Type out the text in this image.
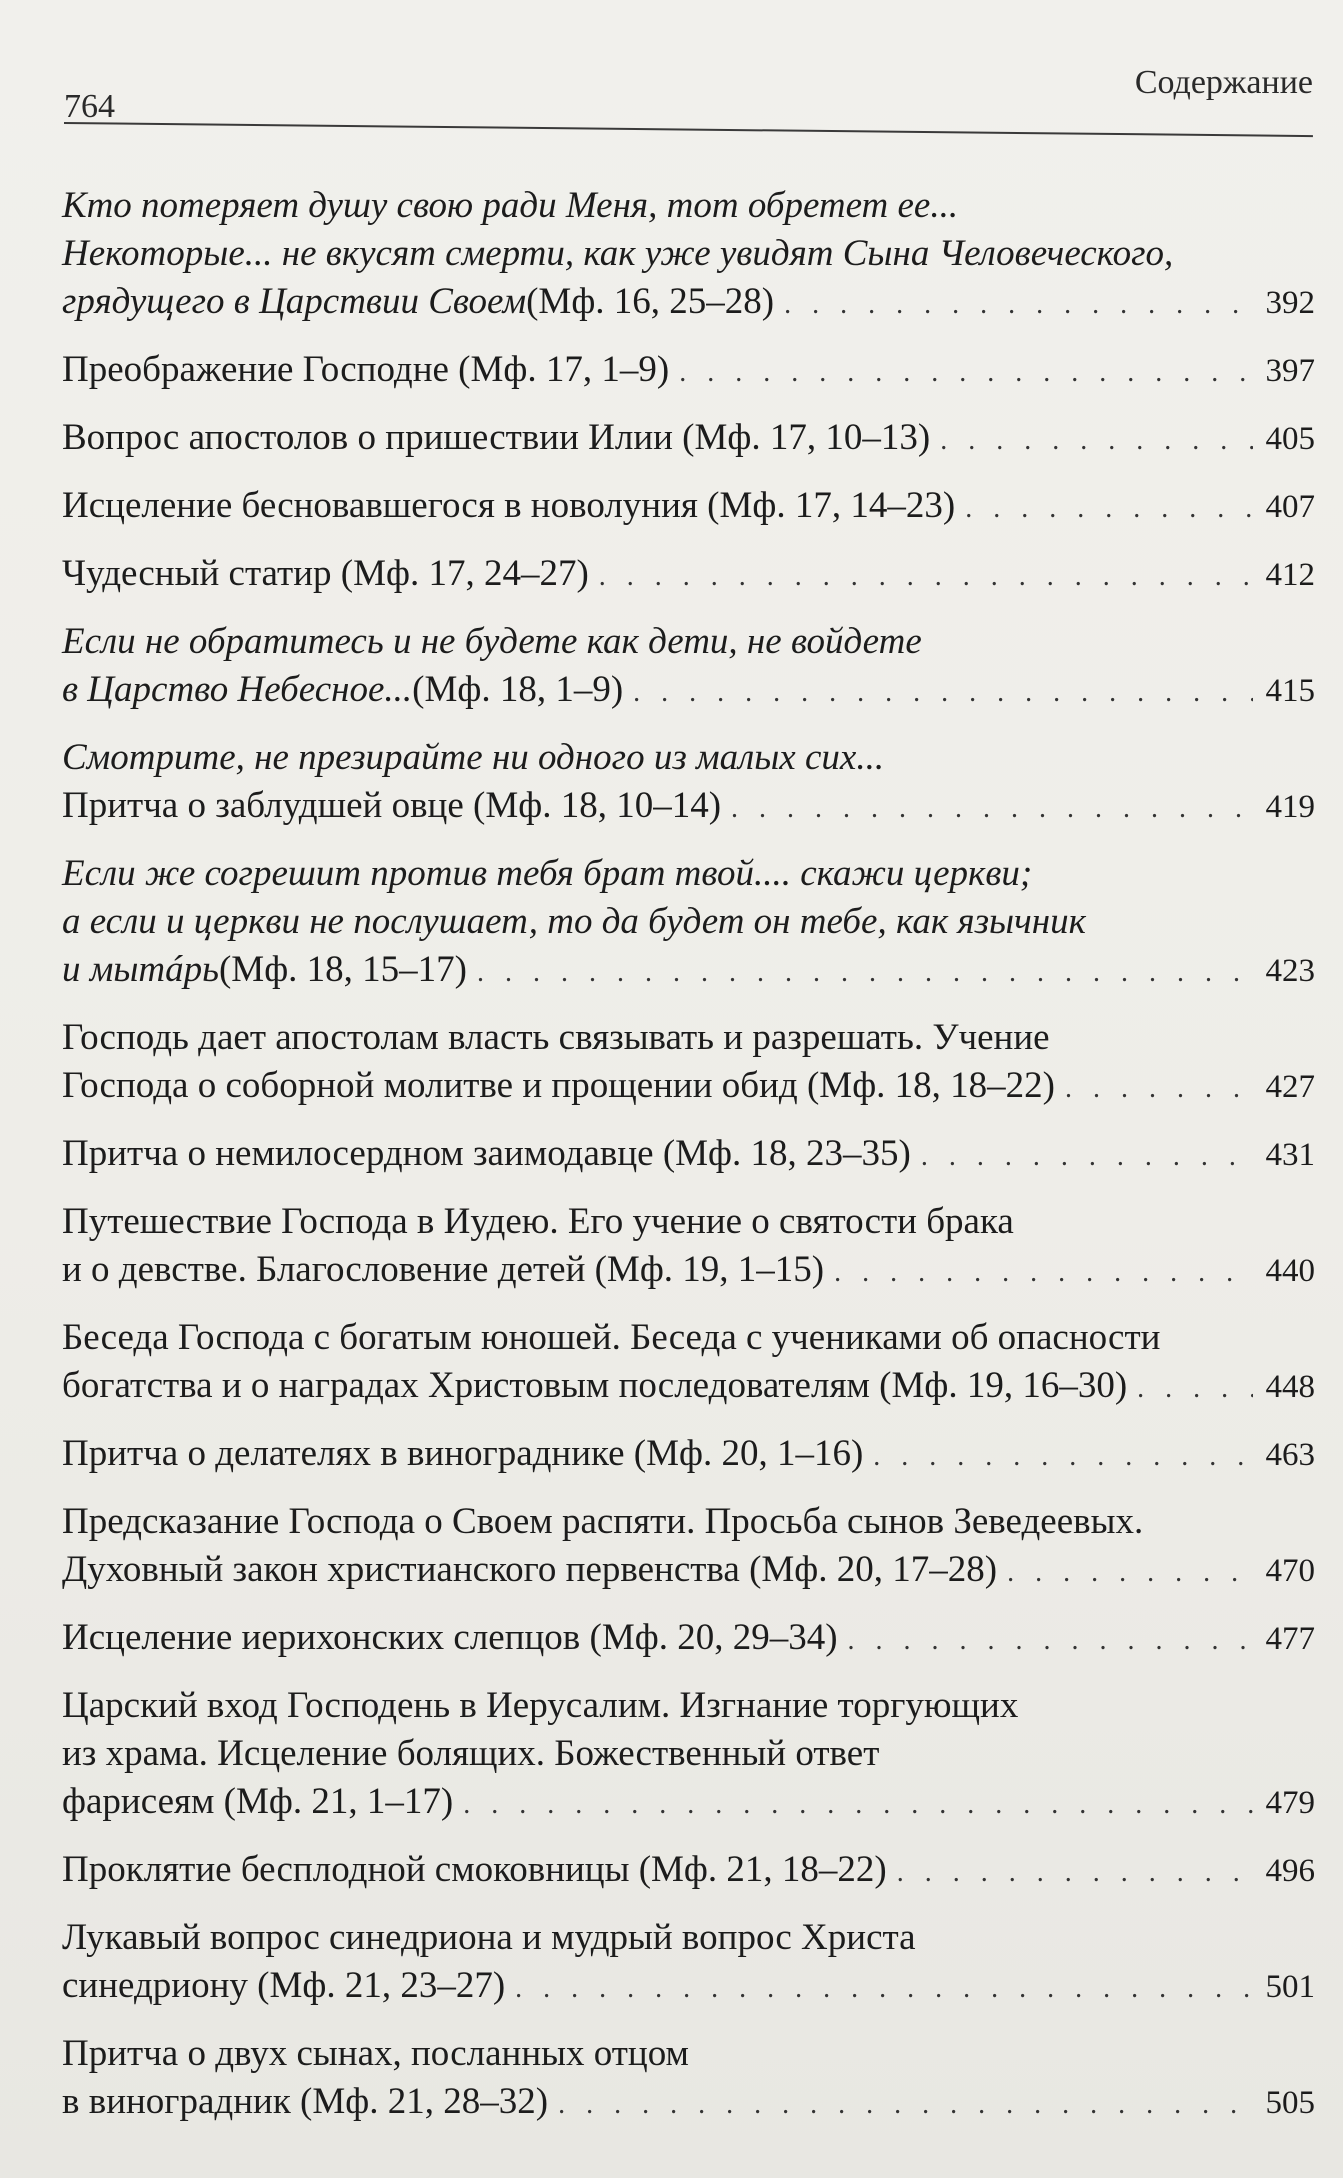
764
Содержание
Кто потеряет душу свою ради Меня, тот обретет ее...
Некоторые... не вкусят смерти, как уже увидят Сына Человеческого,
грядущего в Царствии Своем (Мф. 16, 25–28) . . .	392
Преображение Господне (Мф. 17, 1–9) . . .	397
Вопрос апостолов о пришествии Илии (Мф. 17, 10–13) . . .	405
Исцеление бесновавшегося в новолуния (Мф. 17, 14–23) . . .	407
Чудесный статир (Мф. 17, 24–27) . . .	412
Если не обратитесь и не будете как дети, не войдете
в Царство Небесное... (Мф. 18, 1–9) . . .	415
Смотрите, не презирайте ни одного из малых сих...
Притча о заблудшей овце (Мф. 18, 10–14) . . .	419
Если же согрешит против тебя брат твой.... скажи церкви;
а если и церкви не послушает, то да будет он тебе, как язычник
и мытáрь (Мф. 18, 15–17) . . .	423
Господь дает апостолам власть связывать и разрешать. Учение
Господа о соборной молитве и прощении обид (Мф. 18, 18–22) . . .	427
Притча о немилосердном заимодавце (Мф. 18, 23–35) . . .	431
Путешествие Господа в Иудею. Его учение о святости брака
и о девстве. Благословение детей (Мф. 19, 1–15) . . .	440
Беседа Господа с богатым юношей. Беседа с учениками об опасности
богатства и о наградах Христовым последователям (Мф. 19, 16–30) . . .	448
Притча о делателях в винограднике (Мф. 20, 1–16) . . .	463
Предсказание Господа о Своем распяти. Просьба сынов Зеведеевых.
Духовный закон христианского первенства (Мф. 20, 17–28) . . .	470
Исцеление иерихонских слепцов (Мф. 20, 29–34) . . .	477
Царский вход Господень в Иерусалим. Изгнание торгующих
из храма. Исцеление болящих. Божественный ответ
фарисеям (Мф. 21, 1–17) . . .	479
Проклятие бесплодной смоковницы (Мф. 21, 18–22) . . .	496
Лукавый вопрос синедриона и мудрый вопрос Христа
синедриону (Мф. 21, 23–27) . . .	501
Притча о двух сынах, посланных отцом
в виноградник (Мф. 21, 28–32) . . .	505
